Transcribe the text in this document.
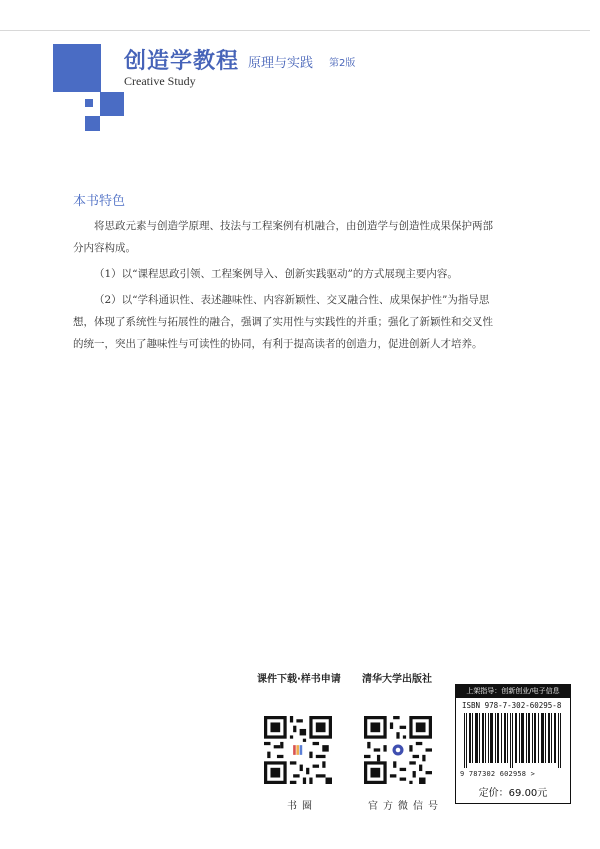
创造学教程 原理与实践 第2版
Creative Study
本书特色

将思政元素与创造学原理、技法与工程案例有机融合，由创造学与创造性成果保护两部分内容构成。

（1）以“课程思政引领、工程案例导入、创新实践驱动”的方式展现主要内容。

（2）以“学科通识性、表述趣味性、内容新颖性、交叉融合性、成果保护性”为指导思想，体现了系统性与拓展性的融合，强调了实用性与实践性的并重；强化了新颖性和交叉性的统一，突出了趣味性与可读性的协同，有利于提高读者的创造力，促进创新人才培养。

课件下载·样书申请
书圈
清华大学出版社
官方微信号
上架指导：创新创业/电子信息
ISBN 978-7-302-60295-8
9 787302 602958 >
定价：69.00元
